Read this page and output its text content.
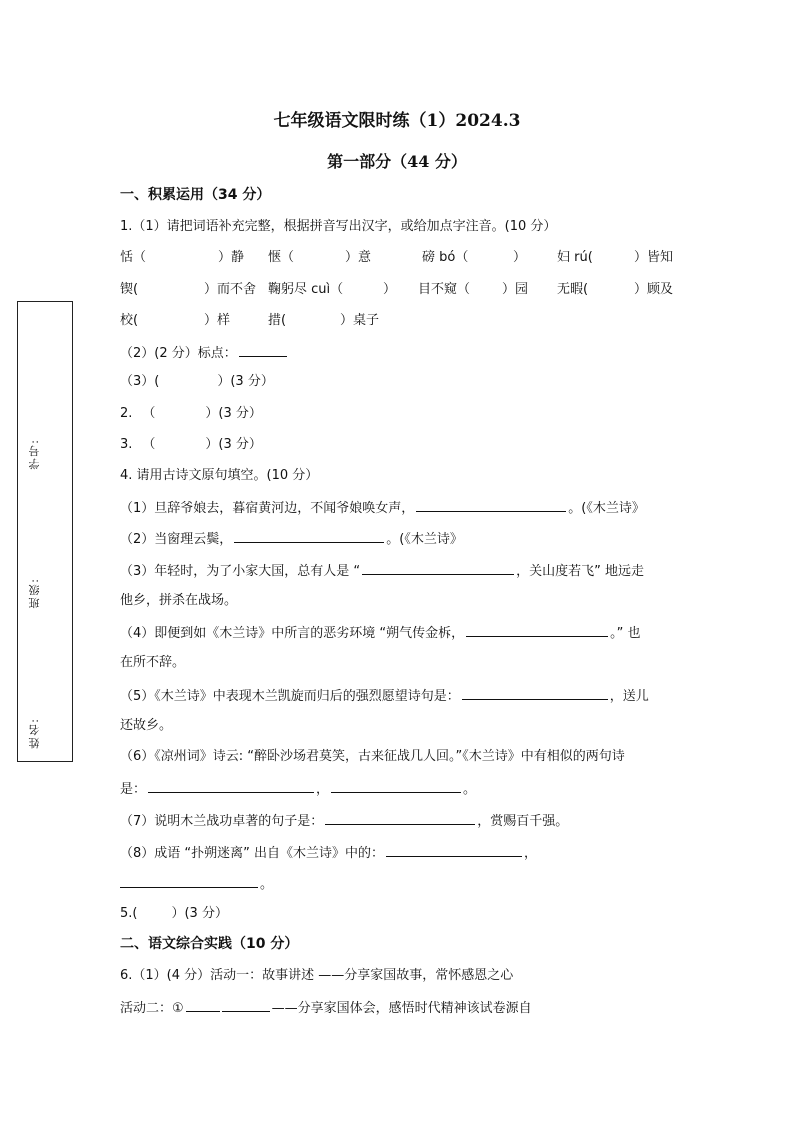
学号:
班级:
姓名:
七年级语文限时练（1）2024.3
第一部分（44 分）
一、积累运用（34 分）
1.（1）请把词语补充完整，根据拼音写出汉字，或给加点字注音。(10 分）
恬（	）静 惬（	）意	磅 bó（	） 妇 rú(	）皆知
锲(	）而不舍 鞠躬尽 cuì（	） 目不窥（ ）园 无暇(	）顾及
校(	）样	措(	）桌子
（2）(2 分）标点：
（3）(	）(3 分）
2. （	）(3 分）
3. （	）(3 分）
4. 请用古诗文原句填空。(10 分）
（1）旦辞爷娘去，暮宿黄河边，不闻爷娘唤女声，	。(《木兰诗》
（2）当窗理云鬓，	。(《木兰诗》
（3）年轻时，为了小家大国，总有人是 “	，关山度若飞” 地远走
他乡，拼杀在战场。
（4）即便到如《木兰诗》中所言的恶劣环境 “朔气传金柝，	。” 也
在所不辞。
（5）《木兰诗》中表现木兰凯旋而归后的强烈愿望诗句是：	，送儿
还故乡。
（6）《凉州词》诗云: “醉卧沙场君莫笑，古来征战几人回。”《木兰诗》中有相似的两句诗
是：	，	。
（7）说明木兰战功卓著的句子是：	，赏赐百千强。
（8）成语 “扑朔迷离” 出自《木兰诗》中的：	，
。
5.(	）(3 分）
二、语文综合实践（10 分）
6.（1）(4 分）活动一：故事讲述 ——分享家国故事，常怀感恩之心
活动二：①	——分享家国体会，感悟时代精神该试卷源自
